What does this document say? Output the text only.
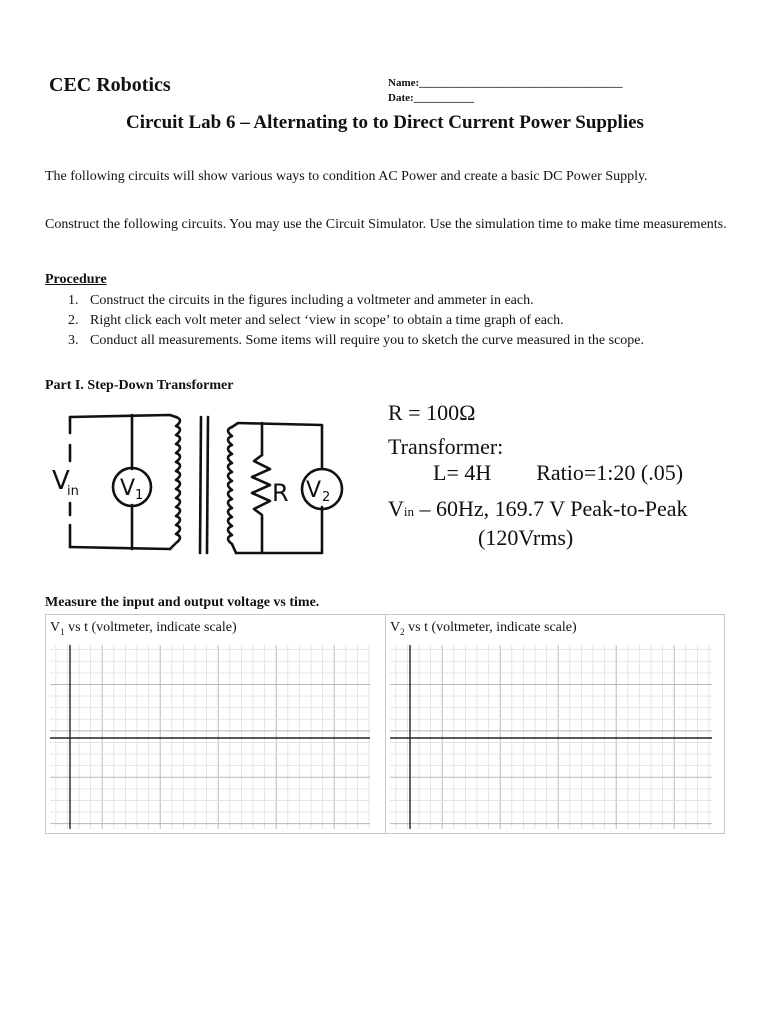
CEC Robotics	Name:_____________________________________
Date:___________
Circuit Lab 6 – Alternating to to Direct Current Power Supplies
The following circuits will show various ways to condition AC Power and create a basic DC Power Supply.
Construct the following circuits. You may use the Circuit Simulator. Use the simulation time to make time measurements.
Procedure
1. Construct the circuits in the figures including a voltmeter and ammeter in each.
2. Right click each volt meter and select ‘view in scope’ to obtain a time graph of each.
3. Conduct all measurements. Some items will require you to sketch the curve measured in the scope.
Part I. Step-Down Transformer
V
in V 1	R V 2
R = 100Ω
Transformer:
L= 4H Ratio=1:20 (.05)
Vin – 60Hz, 169.7 V Peak-to-Peak
(120Vrms)
Measure the input and output voltage vs time.
$V_1$ vs t (voltmeter, indicate scale)	$V_2$ vs t (voltmeter, indicate scale)
